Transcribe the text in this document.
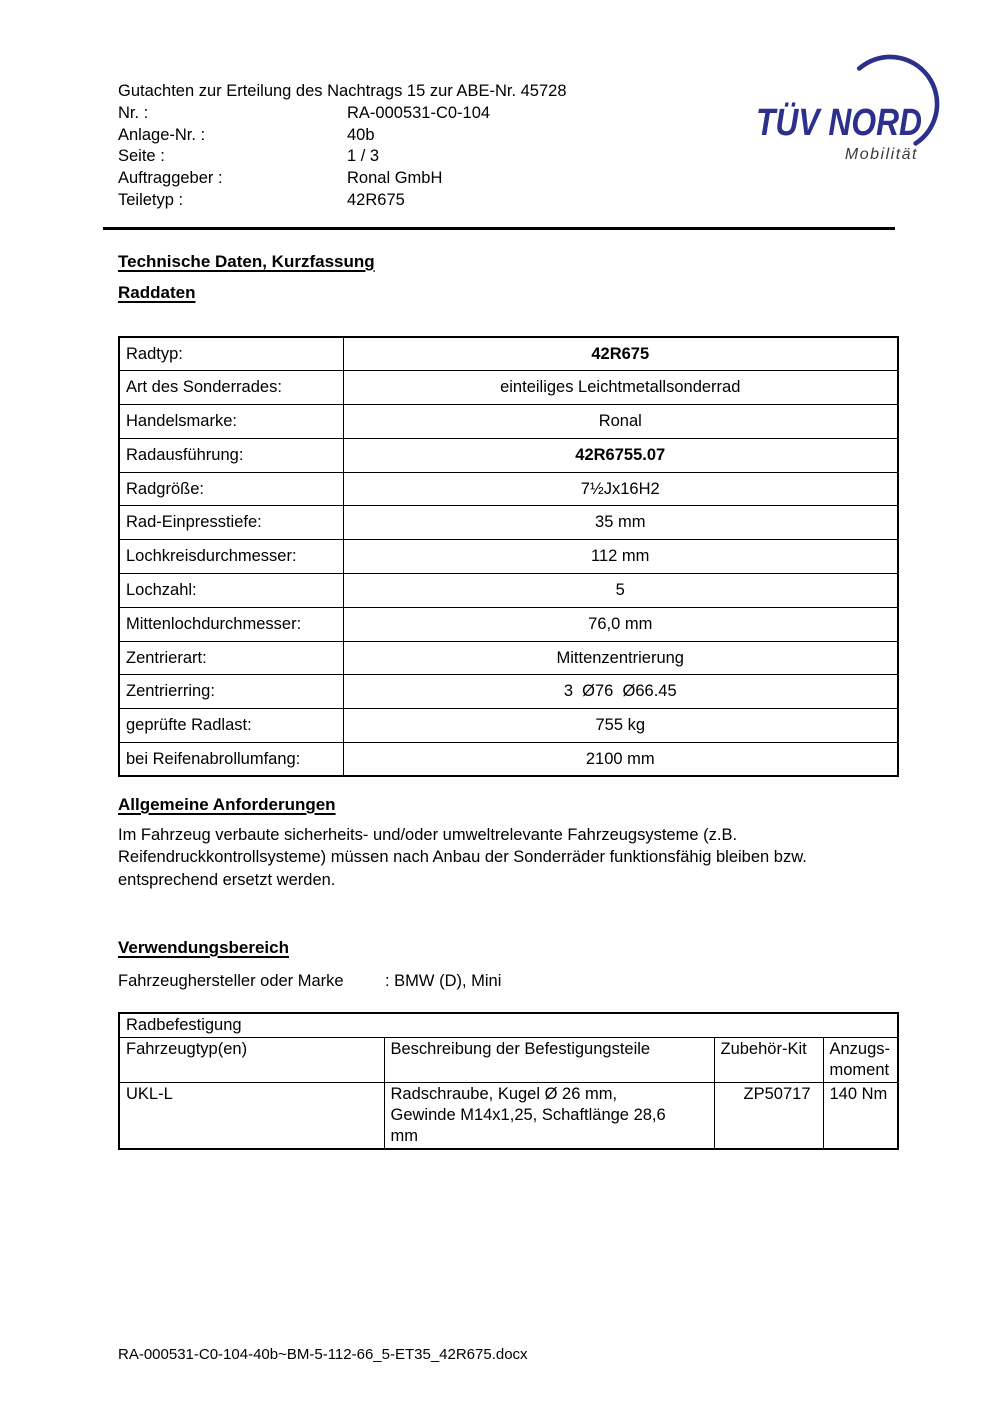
Gutachten zur Erteilung des Nachtrags 15 zur ABE-Nr. 45728
Nr. :	RA-000531-C0-104
Anlage-Nr. :	40b
Seite :	1 / 3
Auftraggeber :	Ronal GmbH
Teiletyp :	42R675
TÜV NORD
Mobilität
Technische Daten, Kurzfassung
Raddaten
Radtyp:	42R675
Art des Sonderrades:	einteiliges Leichtmetallsonderrad
Handelsmarke:	Ronal
Radausführung:	42R6755.07
Radgröße:	7½Jx16H2
Rad-Einpresstiefe:	35 mm
Lochkreisdurchmesser:	112 mm
Lochzahl:	5
Mittenlochdurchmesser:	76,0 mm
Zentrierart:	Mittenzentrierung
Zentrierring:	3  Ø76  Ø66.45
geprüfte Radlast:	755 kg
bei Reifenabrollumfang:	2100 mm
Allgemeine Anforderungen
Im Fahrzeug verbaute sicherheits- und/oder umweltrelevante Fahrzeugsysteme (z.B. Reifendruckkontrollsysteme) müssen nach Anbau der Sonderräder funktionsfähig bleiben bzw. entsprechend ersetzt werden.
Verwendungsbereich
Fahrzeughersteller oder Marke	: BMW (D), Mini
Radbefestigung			
Fahrzeugtyp(en)	Beschreibung der Befestigungsteile	Zubehör-Kit	Anzugs-moment
UKL-L	Radschraube, Kugel Ø 26 mm, Gewinde M14x1,25, Schaftlänge 28,6 mm	ZP50717	140 Nm
RA-000531-C0-104-40b~BM-5-112-66_5-ET35_42R675.docx
